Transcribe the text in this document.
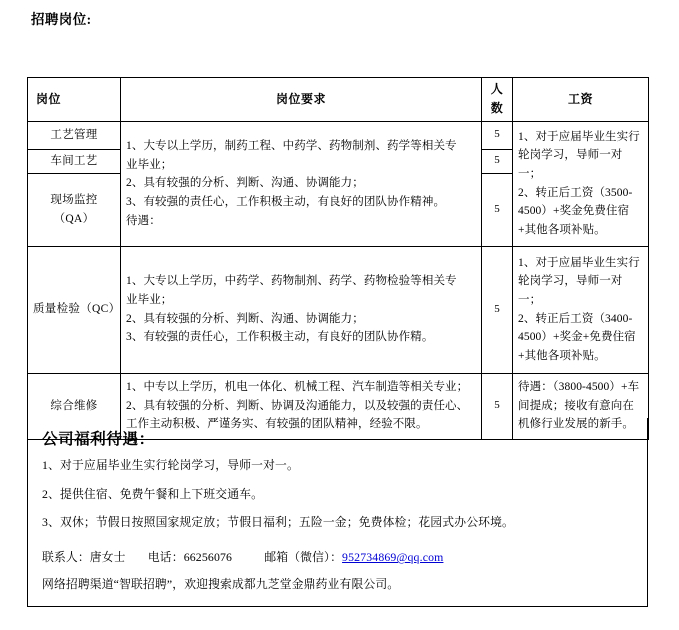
招聘岗位:
岗位	岗位要求	人数	工资
工艺管理	1、大专以上学历，制药工程、中药学、药物制剂、药学等相关专
业毕业；
2、具有较强的分析、判断、沟通、协调能力；
3、有较强的责任心，工作积极主动，有良好的团队协作精神。
待遇：	5	1、对于应届毕业生实行轮岗学习，导师一对一；
2、转正后工资（3500-4500）+奖金免费住宿+其他各项补贴。

车间工艺		5	
现场监控（QA）		5	
质量检验（QC）	1、大专以上学历，中药学、药物制剂、药学、药物检验等相关专
业毕业；
2、具有较强的分析、判断、沟通、协调能力；
3、有较强的责任心，工作积极主动，有良好的团队协作精。	5	1、对于应届毕业生实行轮岗学习，导师一对一；
2、转正后工资（3400-4500）+奖金+免费住宿+其他各项补贴。

综合维修	1、中专以上学历，机电一体化、机械工程、汽车制造等相关专业；
2、具有较强的分析、判断、协调及沟通能力，以及较强的责任心、
工作主动积极、严谨务实、有较强的团队精神，经验不限。	5	待遇：（3800-4500）+车间提成；接收有意向在机修行业发展的新手。
公司福利待遇：
1、对于应届毕业生实行轮岗学习，导师一对一。
2、提供住宿、免费午餐和上下班交通车。
3、双休；节假日按照国家规定放；节假日福利；五险一金；免费体检；花园式办公环境。
联系人：唐女士 电话：66256076	邮箱（微信）：952734869@qq.com
网络招聘渠道“智联招聘”，欢迎搜索成都九芝堂金鼎药业有限公司。
